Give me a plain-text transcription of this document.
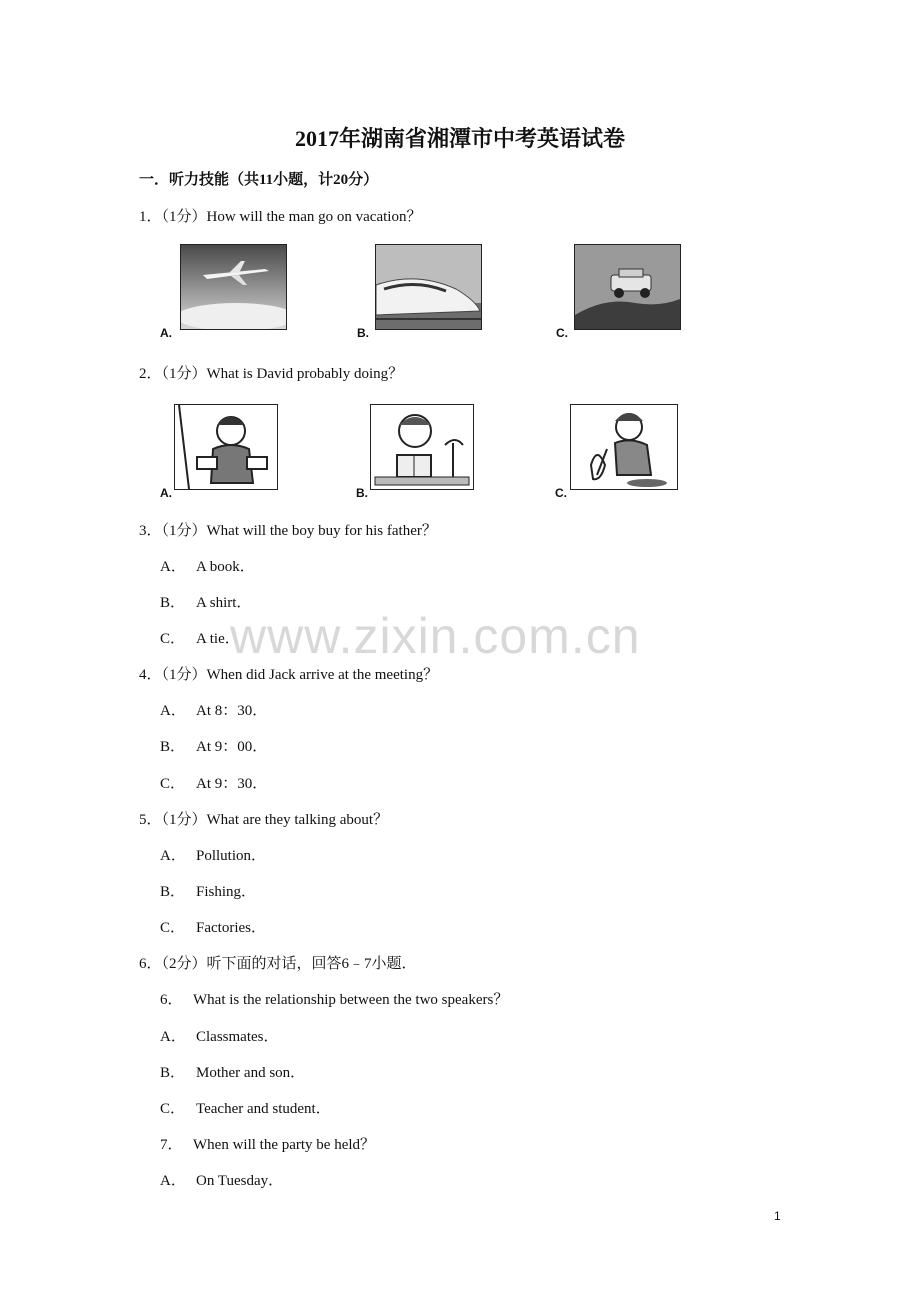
2017年湖南省湘潭市中考英语试卷
一．听力技能（共11小题，计20分）
1．（1分）How will the man go on vacation？
A.	B.	C.
2．（1分）What is David probably doing？
A.	B.	C.
3．（1分）What will the boy buy for his father？
A． A book．
B． A shirt．
C． A tie．
www.zixin.com.cn
4．（1分）When did Jack arrive at the meeting？
A． At 8：30．
B． At 9：00．
C． At 9：30．
5．（1分）What are they talking about？
A． Pollution．
B． Fishing．
C． Factories．
6．（2分）听下面的对话，回答6﹣7小题．
6． What is the relationship between the two speakers？
A． Classmates．
B． Mother and son．
C． Teacher and student．
7． When will the party be held？
A． On Tuesday．
1
